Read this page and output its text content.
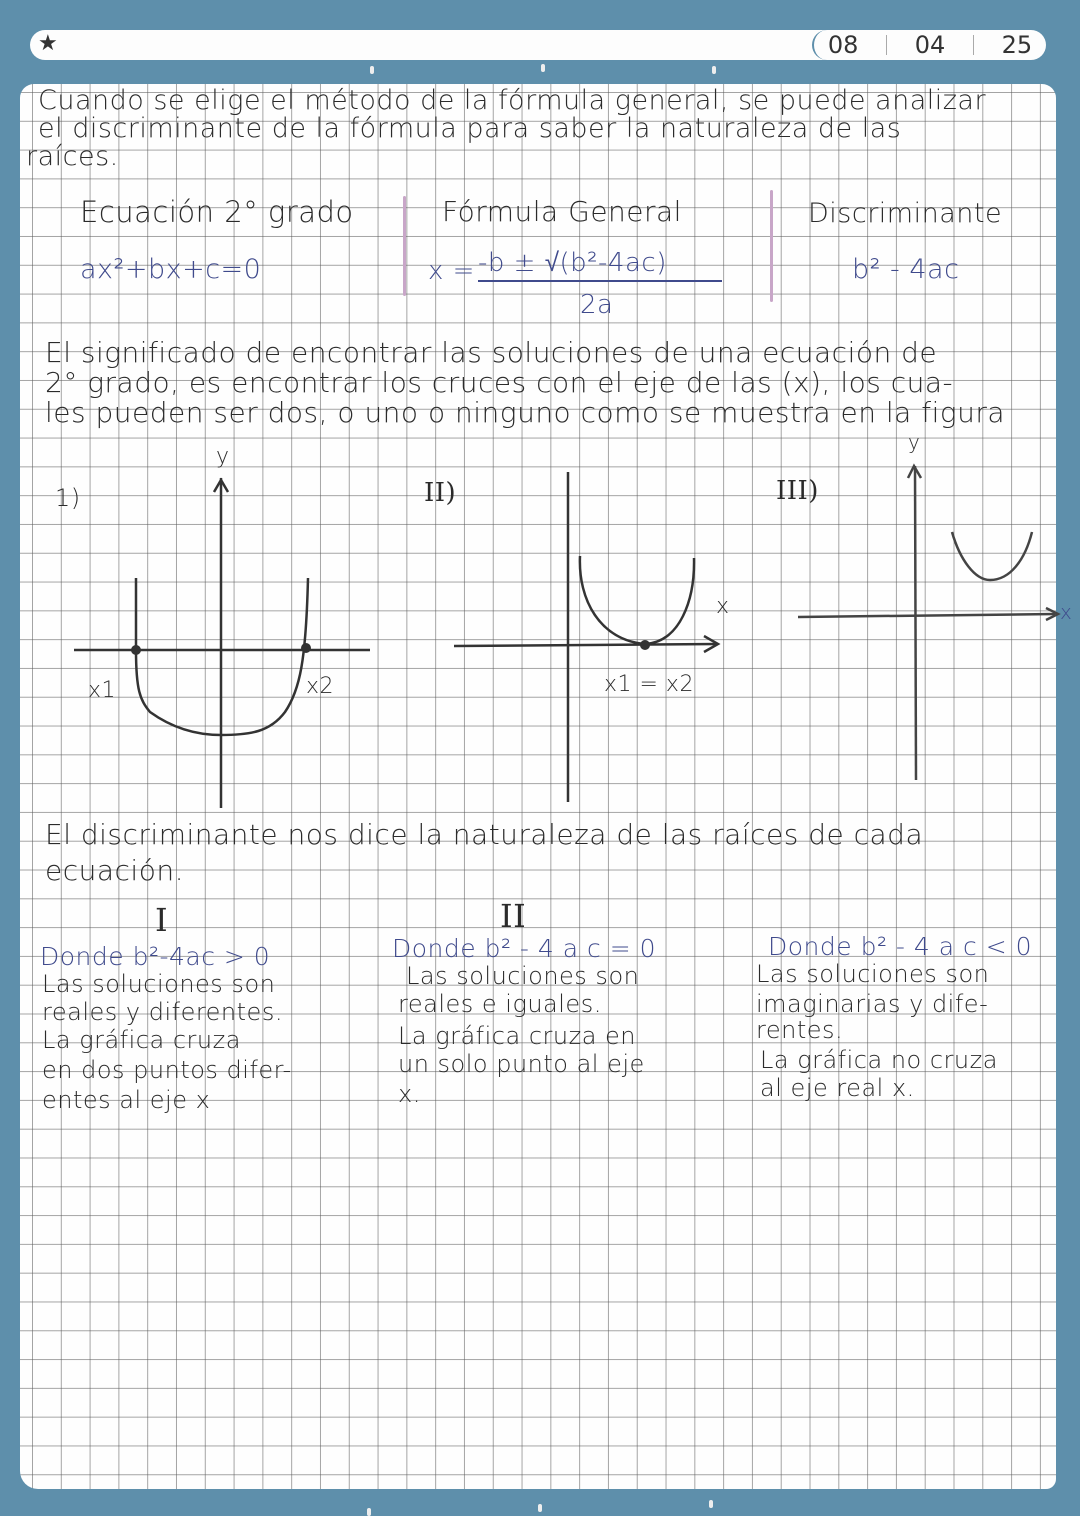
★	08 04 25
Cuando se elige el método de la fórmula general, se puede analizar
el discriminante de la fórmula para saber la naturaleza de las
raíces.
Ecuación 2° grado
ax²+bx+c=0
Fórmula General
x = -b ± √(b²-4ac)
2a
Discriminante
b² - 4ac
El significado de encontrar las soluciones de una ecuación de
2° grado, es encontrar los cruces con el eje de las (x), los cua-
les pueden ser dos, o uno o ninguno como se muestra en la figura
1)
y
x1	x2
II)
x
x1 = x2
III)
y
x
El discriminante nos dice la naturaleza de las raíces de cada
ecuación.
I
Donde b²-4ac > 0
Las soluciones son
reales y diferentes.
La gráfica cruza
en dos puntos difer-
entes al eje x
II
Donde b² - 4 a c = 0
Las soluciones son
reales e iguales.
La gráfica cruza en
un solo punto al eje
x.
Donde b² - 4 a c < 0
Las soluciones son
imaginarias y dife-
rentes.
La gráfica no cruza
al eje real x.
